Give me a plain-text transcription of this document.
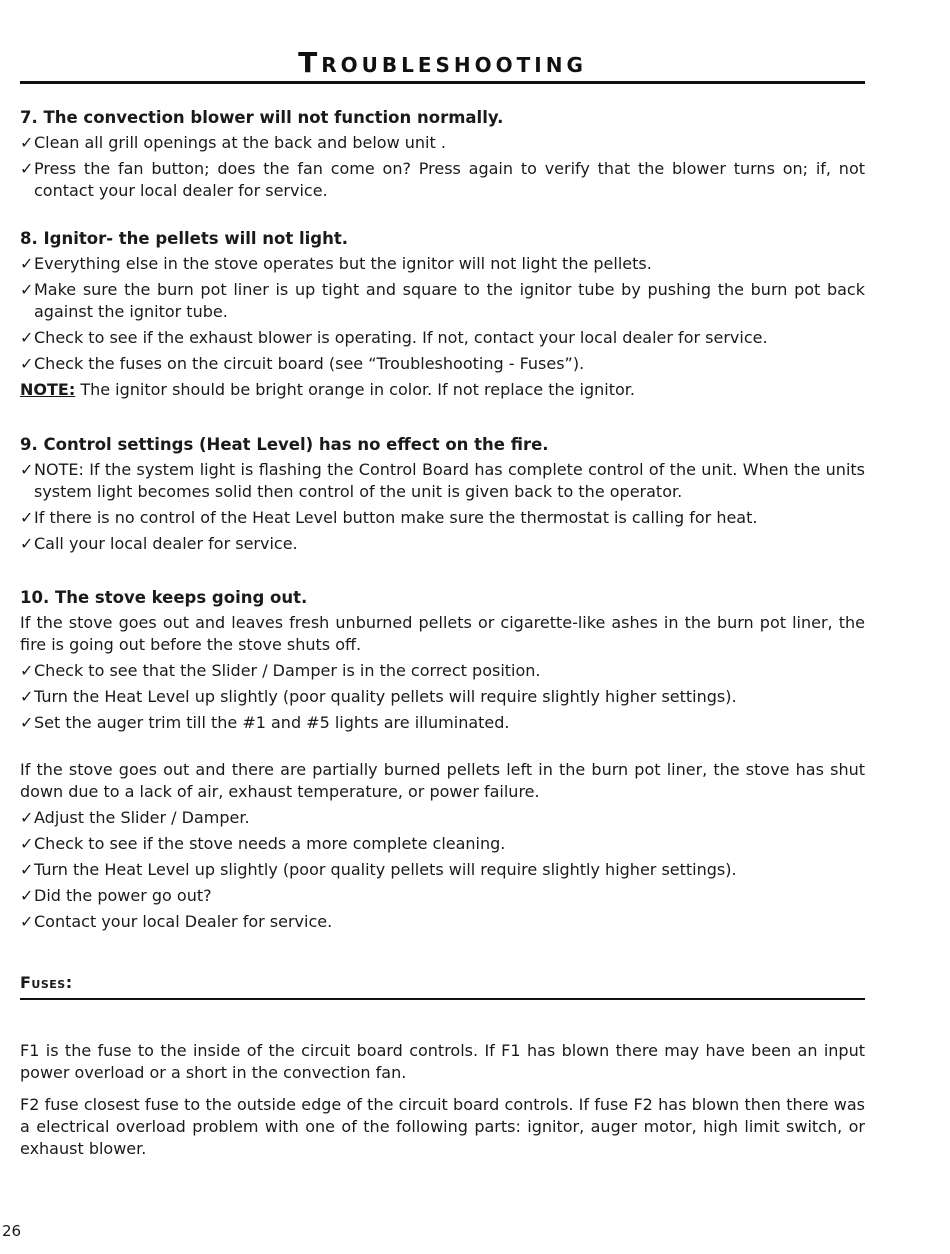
Troubleshooting
7. The convection blower will not function normally.
✓ Clean all grill openings at the back and below unit .
✓ Press the fan button; does the fan come on? Press again to verify that the blower turns on; if, not contact your local dealer for service.
8. Ignitor- the pellets will not light.
✓ Everything else in the stove operates but the ignitor will not light the pellets.
✓ Make sure the burn pot liner is up tight and square to the ignitor tube by pushing the burn pot back against the ignitor tube.
✓ Check to see if the exhaust blower is operating. If not, contact your local dealer for service.
✓ Check the fuses on the circuit board (see “Troubleshooting - Fuses”).
NOTE: The ignitor should be bright orange in color. If not replace the ignitor.
9. Control settings (Heat Level) has no effect on the fire.
✓ NOTE: If the system light is flashing the Control Board has complete control of the unit. When the units system light becomes solid then control of the unit is given back to the operator.
✓ If there is no control of the Heat Level button make sure the thermostat is calling for heat.
✓ Call your local dealer for service.
10. The stove keeps going out.
If the stove goes out and leaves fresh unburned pellets or cigarette-like ashes in the burn pot liner, the fire is going out before the stove shuts off.
✓ Check to see that the Slider / Damper is in the correct position.
✓ Turn the Heat Level up slightly (poor quality pellets will require slightly higher settings).
✓ Set the auger trim till the #1 and #5 lights are illuminated.
If the stove goes out and there are partially burned pellets left in the burn pot liner, the stove has shut down due to a lack of air, exhaust temperature, or power failure.
✓ Adjust the Slider / Damper.
✓ Check to see if the stove needs a more complete cleaning.
✓ Turn the Heat Level up slightly (poor quality pellets will require slightly higher settings).
✓ Did the power go out?
✓ Contact your local Dealer for service.
Fuses:
F1 is the fuse to the inside of the circuit board controls. If F1 has blown there may have been an input power overload or a short in the convection fan.
F2 fuse closest fuse to the outside edge of the circuit board controls. If fuse F2 has blown then there was a electrical overload problem with one of the following parts: ignitor, auger motor, high limit switch, or exhaust blower.
26
